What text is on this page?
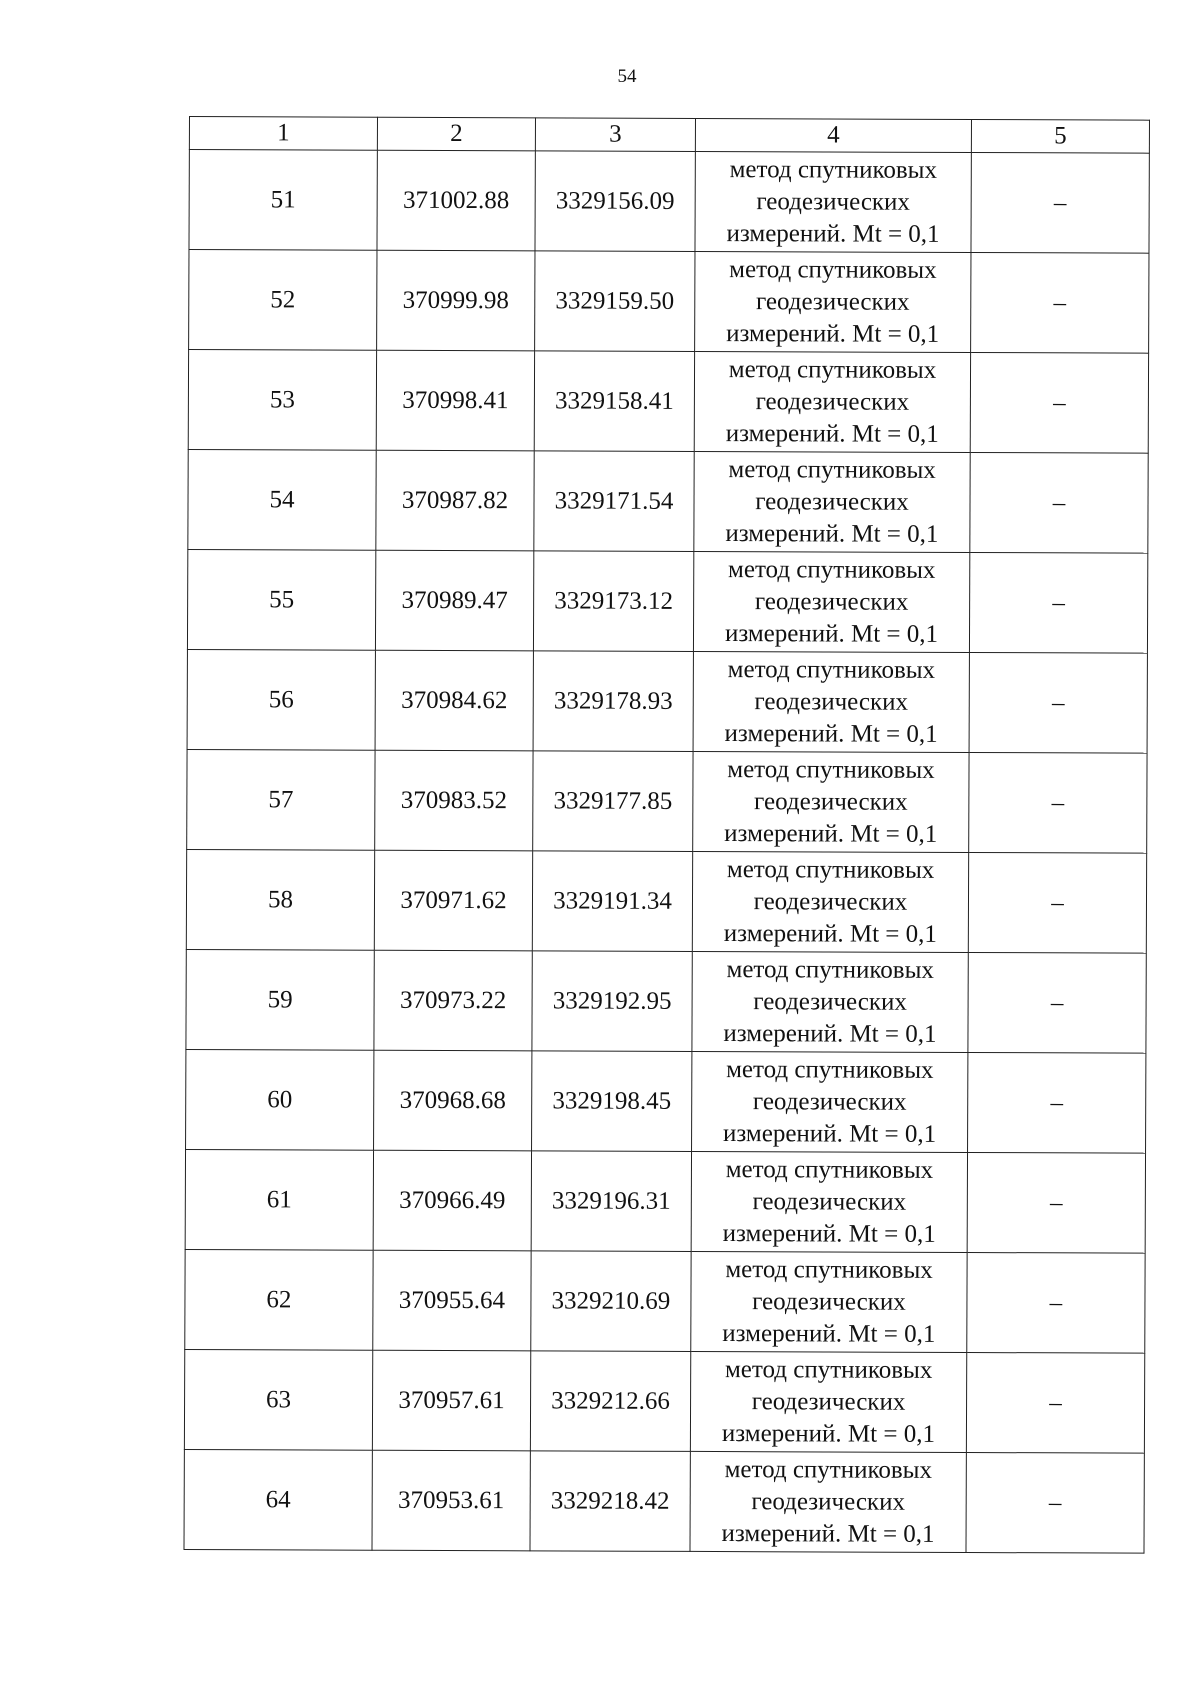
54
1	2	3	4	5
51	371002.88	3329156.09	метод спутниковых
геодезических
измерений. Mt = 0,1	–
52	370999.98	3329159.50	метод спутниковых
геодезических
измерений. Mt = 0,1	–
53	370998.41	3329158.41	метод спутниковых
геодезических
измерений. Mt = 0,1	–
54	370987.82	3329171.54	метод спутниковых
геодезических
измерений. Mt = 0,1	–
55	370989.47	3329173.12	метод спутниковых
геодезических
измерений. Mt = 0,1	–
56	370984.62	3329178.93	метод спутниковых
геодезических
измерений. Mt = 0,1	–
57	370983.52	3329177.85	метод спутниковых
геодезических
измерений. Mt = 0,1	–
58	370971.62	3329191.34	метод спутниковых
геодезических
измерений. Mt = 0,1	–
59	370973.22	3329192.95	метод спутниковых
геодезических
измерений. Mt = 0,1	–
60	370968.68	3329198.45	метод спутниковых
геодезических
измерений. Mt = 0,1	–
61	370966.49	3329196.31	метод спутниковых
геодезических
измерений. Mt = 0,1	–
62	370955.64	3329210.69	метод спутниковых
геодезических
измерений. Mt = 0,1	–
63	370957.61	3329212.66	метод спутниковых
геодезических
измерений. Mt = 0,1	–
64	370953.61	3329218.42	метод спутниковых
геодезических
измерений. Mt = 0,1	–
